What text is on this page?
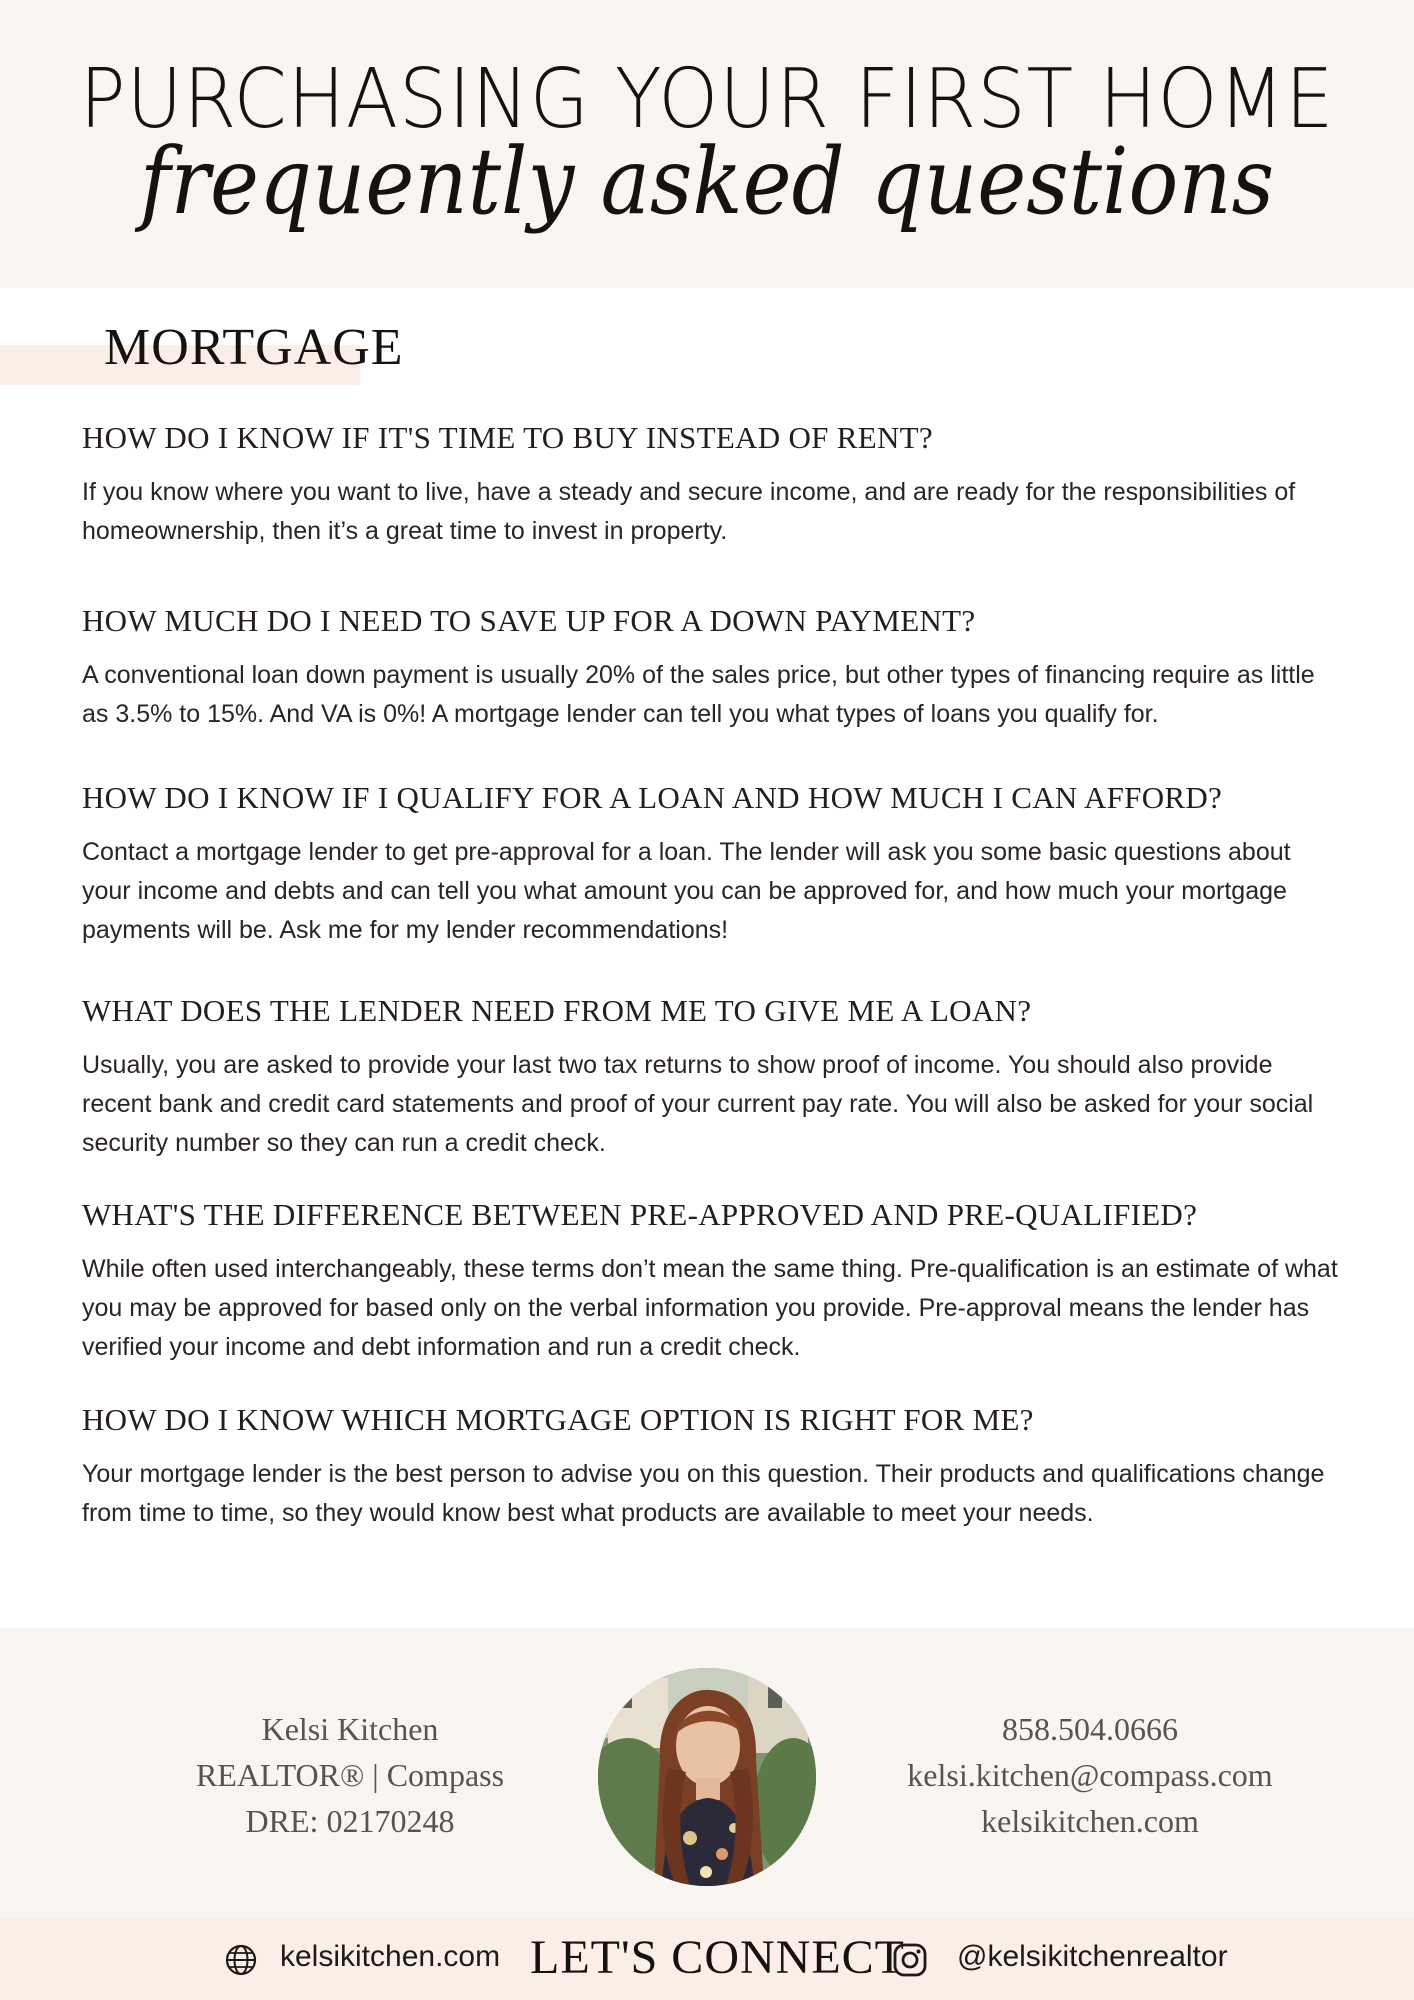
PURCHASING YOUR FIRST HOME
frequently asked questions
MORTGAGE
HOW DO I KNOW IF IT'S TIME TO BUY INSTEAD OF RENT?
If you know where you want to live, have a steady and secure income, and are ready for the responsibilities of homeownership, then it’s a great time to invest in property.
HOW MUCH DO I NEED TO SAVE UP FOR A DOWN PAYMENT?
A conventional loan down payment is usually 20% of the sales price, but other types of financing require as little as 3.5% to 15%. And VA is 0%! A mortgage lender can tell you what types of loans you qualify for.
HOW DO I KNOW IF I QUALIFY FOR A LOAN AND HOW MUCH I CAN AFFORD?
Contact a mortgage lender to get pre-approval for a loan. The lender will ask you some basic questions about your income and debts and can tell you what amount you can be approved for, and how much your mortgage payments will be. Ask me for my lender recommendations!
WHAT DOES THE LENDER NEED FROM ME TO GIVE ME A LOAN?
Usually, you are asked to provide your last two tax returns to show proof of income. You should also provide recent bank and credit card statements and proof of your current pay rate. You will also be asked for your social security number so they can run a credit check.
WHAT'S THE DIFFERENCE BETWEEN PRE-APPROVED AND PRE-QUALIFIED?
While often used interchangeably, these terms don’t mean the same thing. Pre-qualification is an estimate of what you may be approved for based only on the verbal information you provide. Pre-approval means the lender has verified your income and debt information and run a credit check.
HOW DO I KNOW WHICH MORTGAGE OPTION IS RIGHT FOR ME?
Your mortgage lender is the best person to advise you on this question. Their products and qualifications change from time to time, so they would know best what products are available to meet your needs.
Kelsi Kitchen
REALTOR® | Compass
DRE: 02170248
858.504.0666
kelsi.kitchen@compass.com
kelsikitchen.com
kelsikitchen.com LET'S CONNECT @kelsikitchenrealtor
